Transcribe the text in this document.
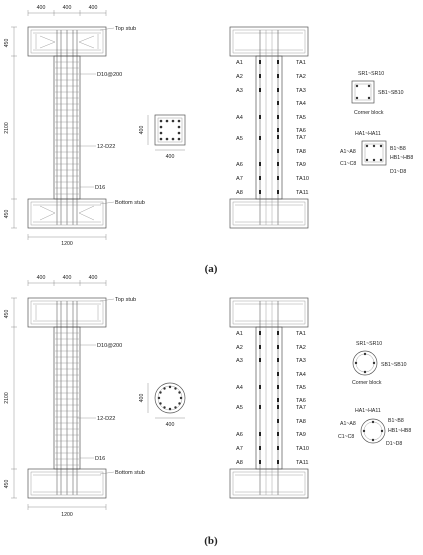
400	400	400
450
2100
450
1200
Top stub
D10@200
12-D22
D16
Bottom stub
400
400
A1
A2
A3
A4
A5
A6
A7
A8
TA1
TA2
TA3
TA4
TA5
TA6
TA7
TA8
TA9
TA10
TA11
SR1~SR10
SB1~SB10
Corner block
HA1~HA11
A1~A8	B1~B8
HB1~HB8
C1~C8
D1~D8
(a)
400	400	400
450
2100
450
1200
Top stub
D10@200
12-D22
D16
Bottom stub
400
400
A1
A2
A3
A4
A5
A6
A7
A8
TA1
TA2
TA3
TA4
TA5
TA6
TA7
TA8
TA9
TA10
TA11
SR1~SR10
SB1~SB10
Corner block
HA1~HA11
A1~A8	B1~B8
HB1~HB8
C1~C8
D1~D8
(b)
